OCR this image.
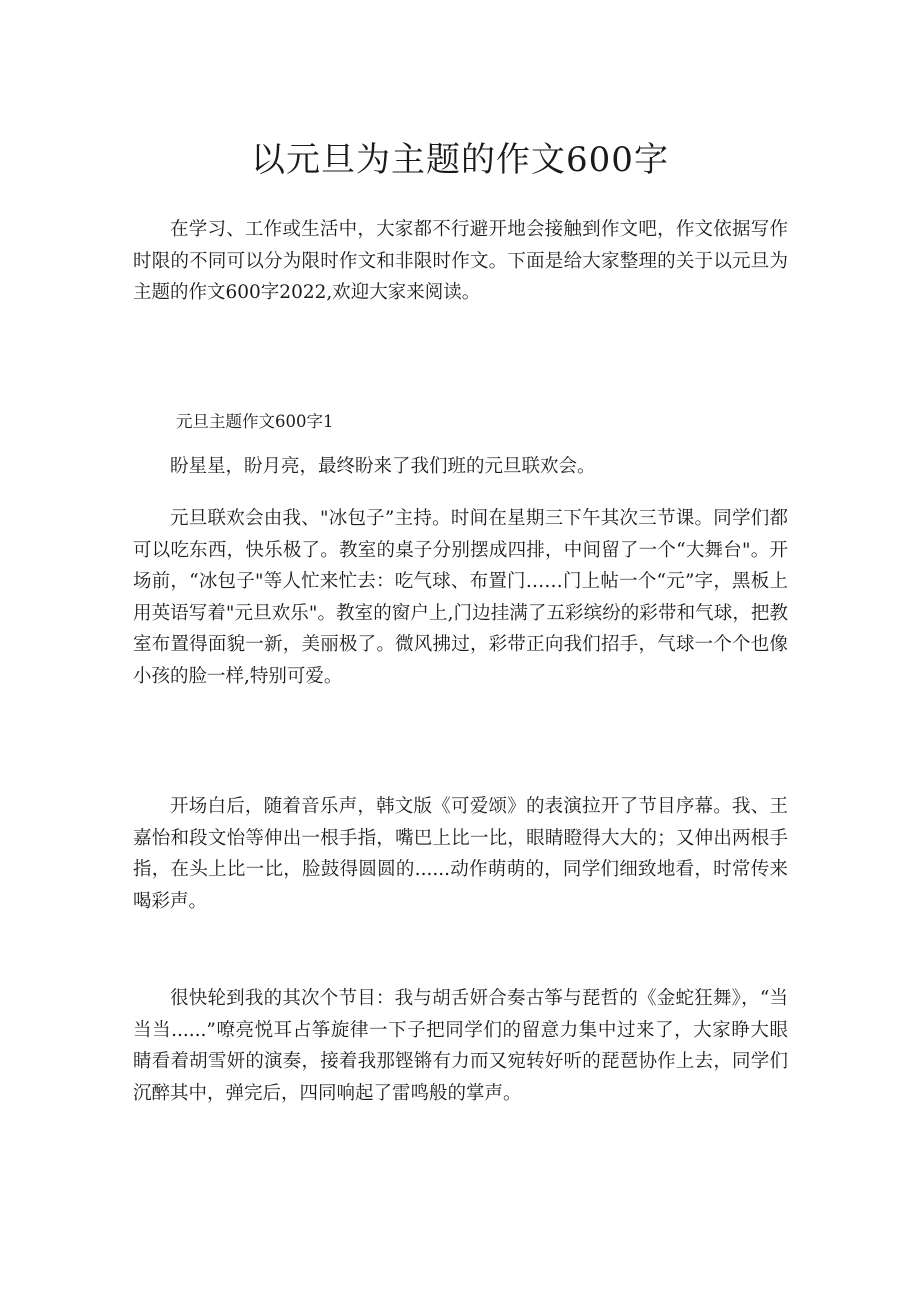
以元旦为主题的作文600字

在学习、工作或生活中，大家都不行避开地会接触到作文吧，作文依据写作时限的不同可以分为限时作文和非限时作文。下面是给大家整理的关于以元旦为主题的作文600字2022,欢迎大家来阅读。

元旦主题作文600字1

盼星星，盼月亮，最终盼来了我们班的元旦联欢会。

元旦联欢会由我、"冰包子”主持。时间在星期三下午其次三节课。同学们都可以吃东西，快乐极了。教室的桌子分别摆成四排，中间留了一个“大舞台"。开场前，“冰包子"等人忙来忙去：吃气球、布置门……门上帖一个“元”字，黑板上用英语写着"元旦欢乐"。教室的窗户上,门边挂满了五彩缤纷的彩带和气球，把教室布置得面貌一新，美丽极了。微风拂过，彩带正向我们招手，气球一个个也像小孩的脸一样,特别可爱。

开场白后，随着音乐声，韩文版《可爱颂》的表演拉开了节目序幕。我、王嘉怡和段文怡等伸出一根手指，嘴巴上比一比，眼睛瞪得大大的；又伸出两根手指，在头上比一比，脸鼓得圆圆的......动作萌萌的，同学们细致地看，时常传来喝彩声。

很快轮到我的其次个节目：我与胡舌妍合奏古筝与琵哲的《金蛇狂舞》，“当当当......”嘹亮悦耳占筝旋律一下子把同学们的留意力集中过来了，大家睁大眼睛看着胡雪妍的演奏，接着我那铿锵有力而又宛转好听的琵琶协作上去，同学们沉醉其中，弹完后，四同响起了雷鸣般的掌声。
